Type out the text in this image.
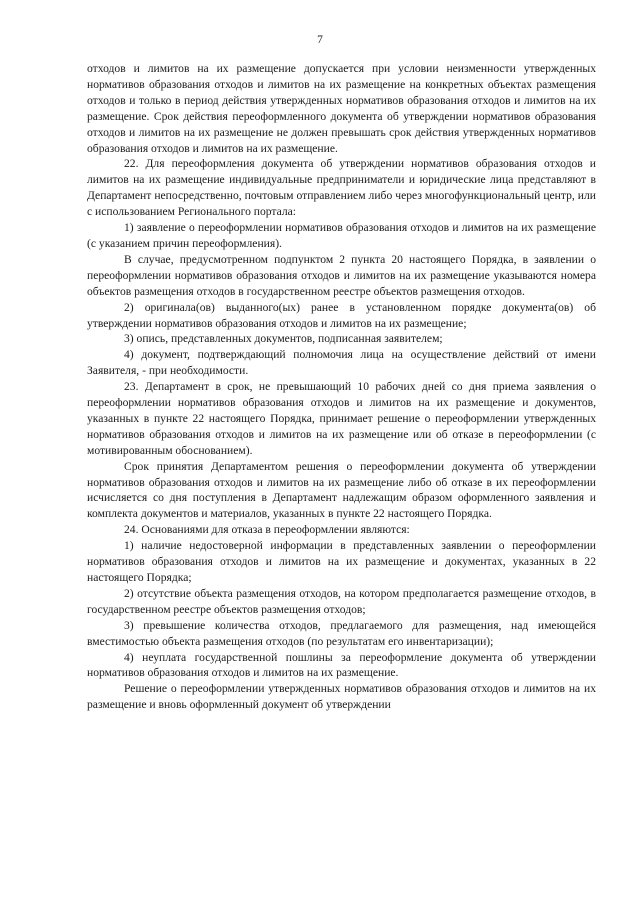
7

отходов и лимитов на их размещение допускается при условии неизменности утвержденных нормативов образования отходов и лимитов на их размещение на конкретных объектах размещения отходов и только в период действия утвержденных нормативов образования отходов и лимитов на их размещение. Срок действия переоформленного документа об утверждении нормативов образования отходов и лимитов на их размещение не должен превышать срок действия утвержденных нормативов образования отходов и лимитов на их размещение.

22. Для переоформления документа об утверждении нормативов образования отходов и лимитов на их размещение индивидуальные предприниматели и юридические лица представляют в Департамент непосредственно, почтовым отправлением либо через многофункциональный центр, или с использованием Регионального портала:

1) заявление о переоформлении нормативов образования отходов и лимитов на их размещение (с указанием причин переоформления).

В случае, предусмотренном подпунктом 2 пункта 20 настоящего Порядка, в заявлении о переоформлении нормативов образования отходов и лимитов на их размещение указываются номера объектов размещения отходов в государственном реестре объектов размещения отходов.

2) оригинала(ов) выданного(ых) ранее в установленном порядке документа(ов) об утверждении нормативов образования отходов и лимитов на их размещение;

3) опись, представленных документов, подписанная заявителем;

4) документ, подтверждающий полномочия лица на осуществление действий от имени Заявителя, - при необходимости.

23. Департамент в срок, не превышающий 10 рабочих дней со дня приема заявления о переоформлении нормативов образования отходов и лимитов на их размещение и документов, указанных в пункте 22 настоящего Порядка, принимает решение о переоформлении утвержденных нормативов образования отходов и лимитов на их размещение или об отказе в переоформлении (с мотивированным обоснованием).

Срок принятия Департаментом решения о переоформлении документа об утверждении нормативов образования отходов и лимитов на их размещение либо об отказе в их переоформлении исчисляется со дня поступления в Департамент надлежащим образом оформленного заявления и комплекта документов и материалов, указанных в пункте 22 настоящего Порядка.

24. Основаниями для отказа в переоформлении являются:

1) наличие недостоверной информации в представленных заявлении о переоформлении нормативов образования отходов и лимитов на их размещение и документах, указанных в 22 настоящего Порядка;

2) отсутствие объекта размещения отходов, на котором предполагается размещение отходов, в государственном реестре объектов размещения отходов;

3) превышение количества отходов, предлагаемого для размещения, над имеющейся вместимостью объекта размещения отходов (по результатам его инвентаризации);

4) неуплата государственной пошлины за переоформление документа об утверждении нормативов образования отходов и лимитов на их размещение.

Решение о переоформлении утвержденных нормативов образования отходов и лимитов на их размещение и вновь оформленный документ об утверждении
